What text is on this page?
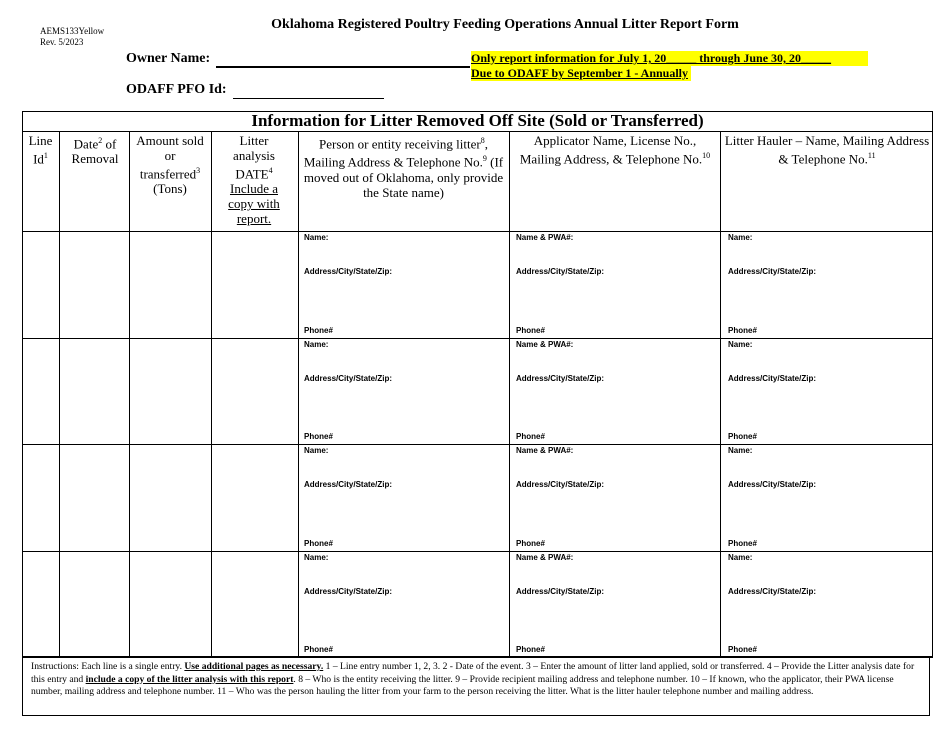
AEMS133Yellow
Rev. 5/2023
Oklahoma Registered Poultry Feeding Operations Annual Litter Report Form
Owner Name:	Only report information for July 1, 20_____ through June 30, 20_____
Due to ODAFF by September 1 - Annually
ODAFF PFO Id:
Information for Litter Removed Off Site (Sold or Transferred)
Name:
Address/City/State/Zip:
Phone#
Name & PWA#:
Address/City/State/Zip:
Phone#
Name:
Address/City/State/Zip:
Phone#
Name:
Address/City/State/Zip:
Phone#
Name & PWA#:
Address/City/State/Zip:
Phone#
Name:
Address/City/State/Zip:
Phone#
Name:
Address/City/State/Zip:
Phone#
Name & PWA#:
Address/City/State/Zip:
Phone#
Name:
Address/City/State/Zip:
Phone#
Name:
Address/City/State/Zip:
Phone#
Name & PWA#:
Address/City/State/Zip:
Phone#
Name:
Address/City/State/Zip:
Phone#
Line Id$^1$
Date$^2$ of Removal
Amount sold or transferred$^3$
(Tons)
Litter analysis DATE$^4$
Include a copy with report.
Person or entity receiving litter$^8$, Mailing Address & Telephone No.$^9$ (If moved out of Oklahoma, only provide the State name)
Applicator Name, License No., Mailing Address, & Telephone No.$^{10}$
Litter Hauler – Name, Mailing Address & Telephone No.$^{11}$
Instructions: Each line is a single entry. Use additional pages as necessary. 1 – Line entry number 1, 2, 3. 2 - Date of the event. 3 – Enter the amount of litter land applied, sold or transferred. 4 – Provide the Litter analysis date for this entry and include a copy of the litter analysis with this report. 8 – Who is the entity receiving the litter. 9 – Provide recipient mailing address and telephone number. 10 – If known, who the applicator, their PWA license number, mailing address and telephone number. 11 – Who was the person hauling the litter from your farm to the person receiving the litter. What is the litter hauler telephone number and mailing address.
